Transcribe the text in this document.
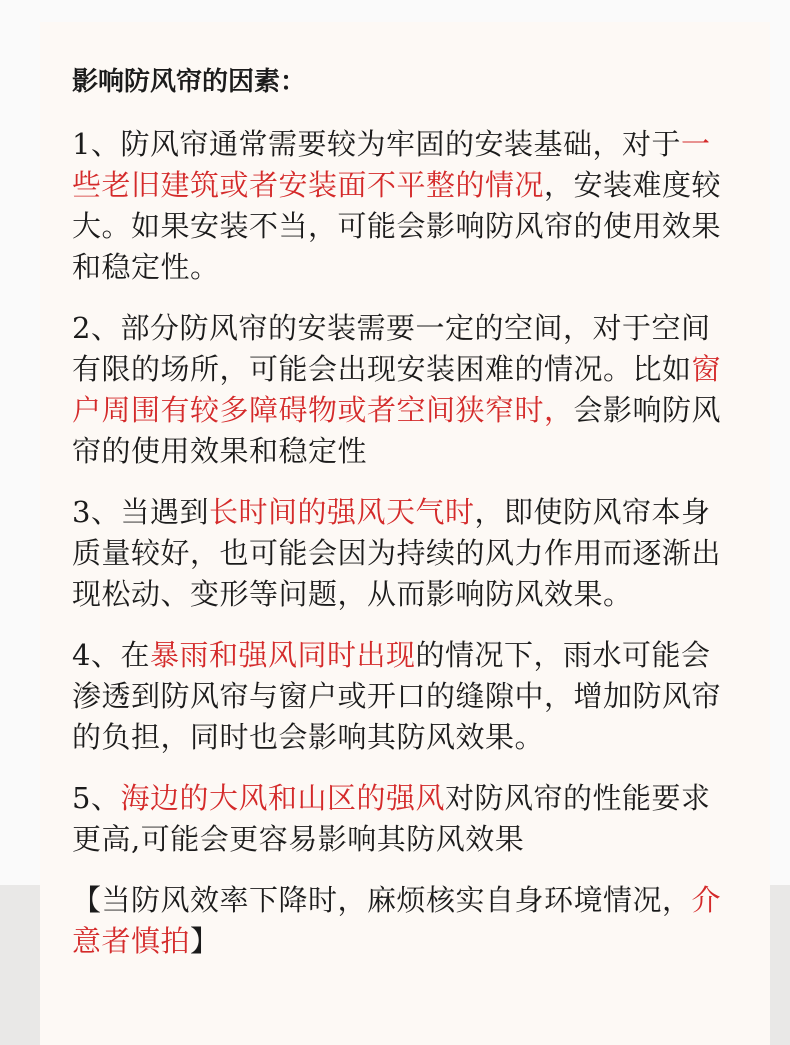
影响防风帘的因素：

1、防风帘通常需要较为牢固的安装基础，对于一些老旧建筑或者安装面不平整的情况，安装难度较大。如果安装不当，可能会影响防风帘的使用效果和稳定性。

2、部分防风帘的安装需要一定的空间，对于空间有限的场所，可能会出现安装困难的情况。比如窗户周围有较多障碍物或者空间狭窄时，会影响防风帘的使用效果和稳定性

3、当遇到长时间的强风天气时，即使防风帘本身质量较好，也可能会因为持续的风力作用而逐渐出现松动、变形等问题，从而影响防风效果。

4、在暴雨和强风同时出现的情况下，雨水可能会渗透到防风帘与窗户或开口的缝隙中，增加防风帘的负担，同时也会影响其防风效果。

5、海边的大风和山区的强风对防风帘的性能要求更高,可能会更容易影响其防风效果

【当防风效率下降时，麻烦核实自身环境情况，介意者慎拍】
